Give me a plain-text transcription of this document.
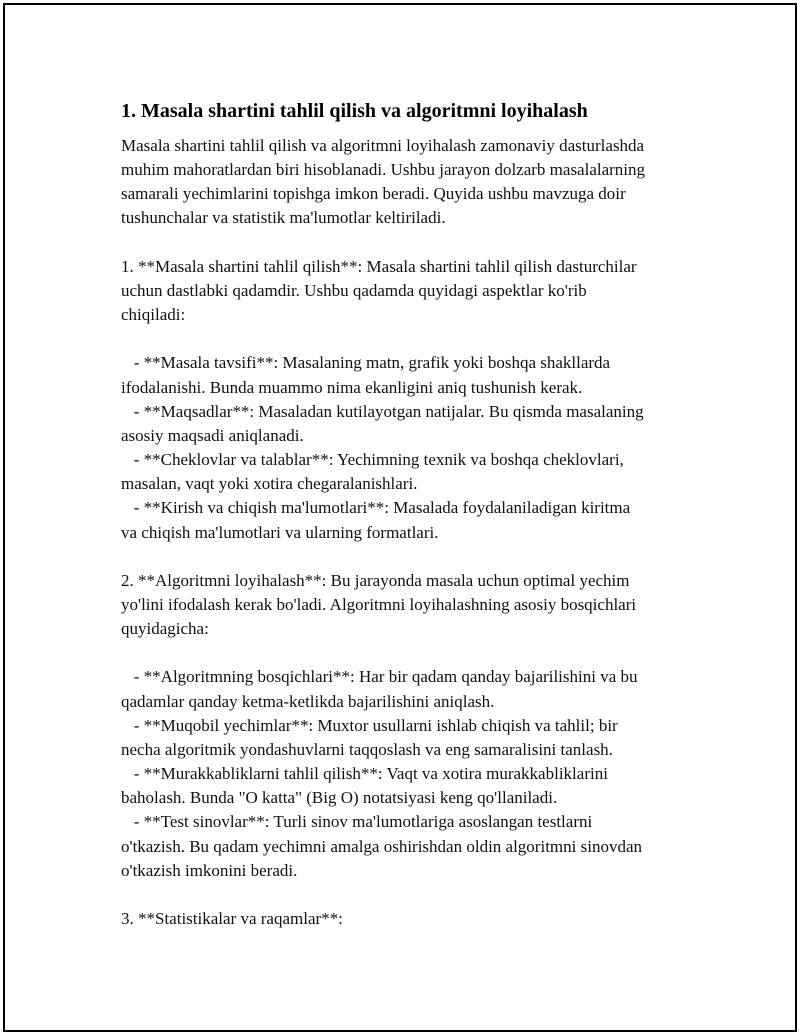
1. Masala shartini tahlil qilish va algoritmni loyihalash

Masala shartini tahlil qilish va algoritmni loyihalash zamonaviy dasturlashda
muhim mahoratlardan biri hisoblanadi. Ushbu jarayon dolzarb masalalarning
samarali yechimlarini topishga imkon beradi. Quyida ushbu mavzuga doir
tushunchalar va statistik ma'lumotlar keltiriladi.

1. **Masala shartini tahlil qilish**: Masala shartini tahlil qilish dasturchilar
uchun dastlabki qadamdir. Ushbu qadamda quyidagi aspektlar ko'rib
chiqiladi:

- **Masala tavsifi**: Masalaning matn, grafik yoki boshqa shakllarda
ifodalanishi. Bunda muammo nima ekanligini aniq tushunish kerak.
- **Maqsadlar**: Masaladan kutilayotgan natijalar. Bu qismda masalaning
asosiy maqsadi aniqlanadi.
- **Cheklovlar va talablar**: Yechimning texnik va boshqa cheklovlari,
masalan, vaqt yoki xotira chegaralanishlari.
- **Kirish va chiqish ma'lumotlari**: Masalada foydalaniladigan kiritma
va chiqish ma'lumotlari va ularning formatlari.

2. **Algoritmni loyihalash**: Bu jarayonda masala uchun optimal yechim
yo'lini ifodalash kerak bo'ladi. Algoritmni loyihalashning asosiy bosqichlari
quyidagicha:

- **Algoritmning bosqichlari**: Har bir qadam qanday bajarilishini va bu
qadamlar qanday ketma-ketlikda bajarilishini aniqlash.
- **Muqobil yechimlar**: Muxtor usullarni ishlab chiqish va tahlil; bir
necha algoritmik yondashuvlarni taqqoslash va eng samaralisini tanlash.
- **Murakkabliklarni tahlil qilish**: Vaqt va xotira murakkabliklarini
baholash. Bunda "O katta" (Big O) notatsiyasi keng qo'llaniladi.
- **Test sinovlar**: Turli sinov ma'lumotlariga asoslangan testlarni
o'tkazish. Bu qadam yechimni amalga oshirishdan oldin algoritmni sinovdan
o'tkazish imkonini beradi.

3. **Statistikalar va raqamlar**:
